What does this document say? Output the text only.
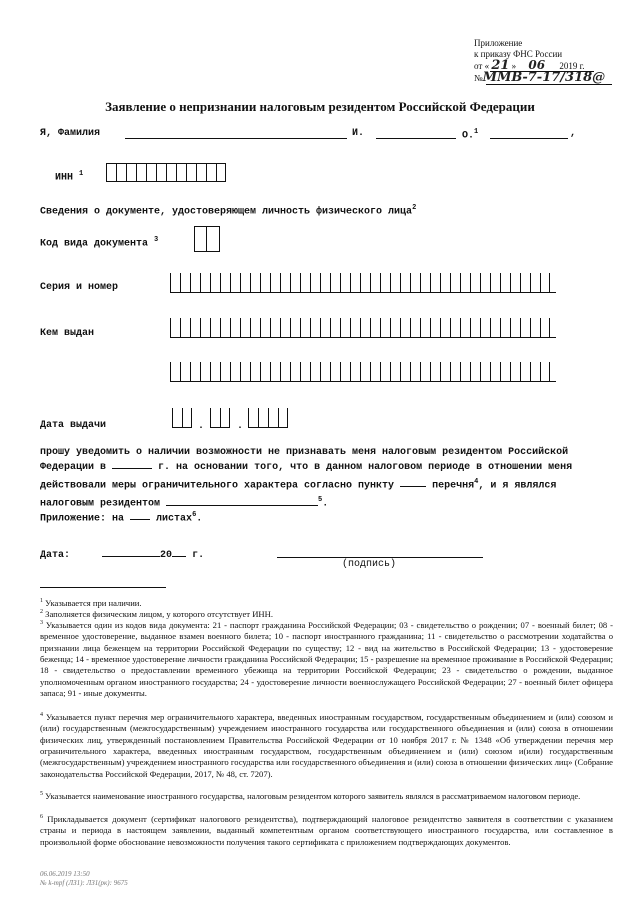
Приложение
к приказу ФНС России
от « 21 » 06 2019 г.
№ММВ-7-17/318@
Заявление о непризнании налоговым резидентом Российской Федерации
Я, Фамилия	И.	О.$^1$	,
ИНН $^1$
Сведения о документе, удостоверяющем личность физического лица$^2$
Код вида документа $^3$
Серия и номер
Кем выдан
Дата выдачи	.	.
прошу уведомить о наличии возможности не признавать меня налоговым резидентом Российской
Федерации в	г. на основании того, что в данном налоговом периоде в отношении меня
действовали меры ограничительного характера согласно пункту	перечня$^4$, и я являлся
налоговым резидентом	$^5$.
Приложение: на	листах$^6$.
Дата:	20 г.
(подпись)
$^1$ Указывается при наличии.
$^2$ Заполняется физическим лицом, у которого отсутствует ИНН.
$^3$ Указывается один из кодов вида документа: 21 - паспорт гражданина Российской Федерации; 03 - свидетельство о рождении; 07 - военный билет; 08 - временное удостоверение, выданное взамен военного билета; 10 - паспорт иностранного гражданина; 11 - свидетельство о рассмотрении ходатайства о признании лица беженцем на территории Российской Федерации по существу; 12 - вид на жительство в Российской Федерации; 13 - удостоверение беженца; 14 - временное удостоверение личности гражданина Российской Федерации; 15 - разрешение на временное проживание в Российской Федерации; 18 - свидетельство о предоставлении временного убежища на территории Российской Федерации; 23 - свидетельство о рождении, выданное уполномоченным органом иностранного государства; 24 - удостоверение личности военнослужащего Российской Федерации; 27 - военный билет офицера запаса; 91 - иные документы.
$^4$ Указывается пункт перечня мер ограничительного характера, введенных иностранным государством, государственным объединением и (или) союзом и (или) государственным (межгосударственным) учреждением иностранного государства или государственного объединения и (или) союза в отношении физических лиц, утвержденный постановлением Правительства Российской Федерации от 10 ноября 2017 г. № 1348 «Об утверждении перечня мер ограничительного характера, введенных иностранным государством, государственным объединением и (или) союзом и(или) государственным (межгосударственным) учреждением иностранного государства или государственного объединения и (или) союза в отношении физических лиц» (Собрание законодательства Российской Федерации, 2017, № 48, ст. 7207).
$^5$ Указывается наименование иностранного государства, налоговым резидентом которого заявитель являлся в рассматриваемом налоговом периоде.
$^6$ Прикладывается документ (сертификат налогового резидентства), подтверждающий налоговое резидентство заявителя в соответствии с указанием страны и периода в настоящем заявлении, выданный компетентным органом соответствующего иностранного государства, или составленное в произвольной форме обоснование невозможности получения такого сертификата с приложением подтверждающих документов.
06.06.2019 13:50
№ k-mpf (ЛЗ1): ЛЗ1(рк): 9675
